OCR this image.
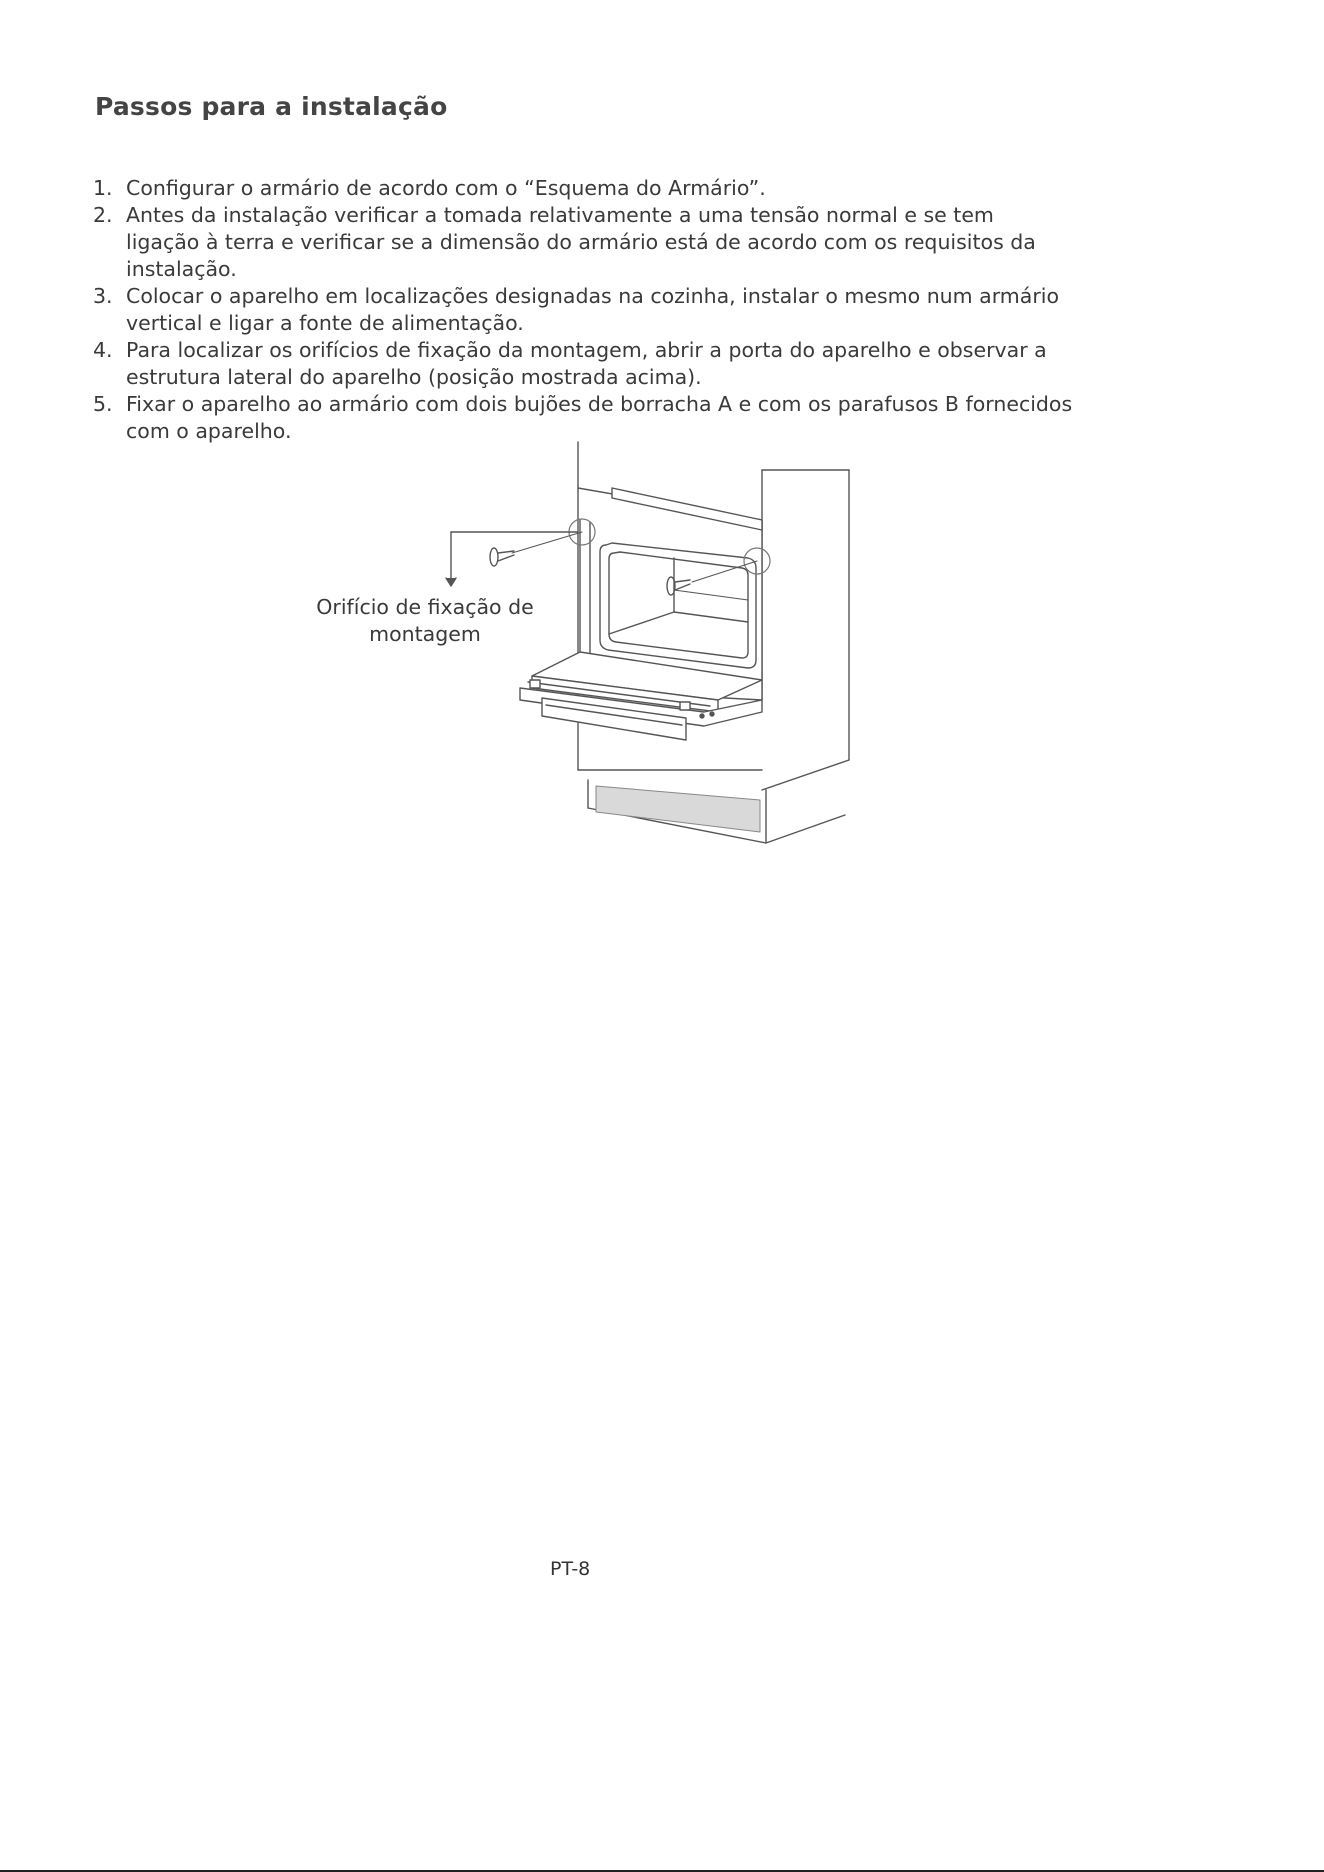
Passos para a instalação
1. Configurar o armário de acordo com o “Esquema do Armário”.
2. Antes da instalação verificar a tomada relativamente a uma tensão normal e se tem ligação à terra e verificar se a dimensão do armário está de acordo com os requisitos da instalação.
3. Colocar o aparelho em localizações designadas na cozinha, instalar o mesmo num armário vertical e ligar a fonte de alimentação.
4. Para localizar os orifícios de fixação da montagem, abrir a porta do aparelho e observar a estrutura lateral do aparelho (posição mostrada acima).
5. Fixar o aparelho ao armário com dois bujões de borracha A e com os parafusos B fornecidos com o aparelho.
Orifício de fixação de montagem
PT-8
